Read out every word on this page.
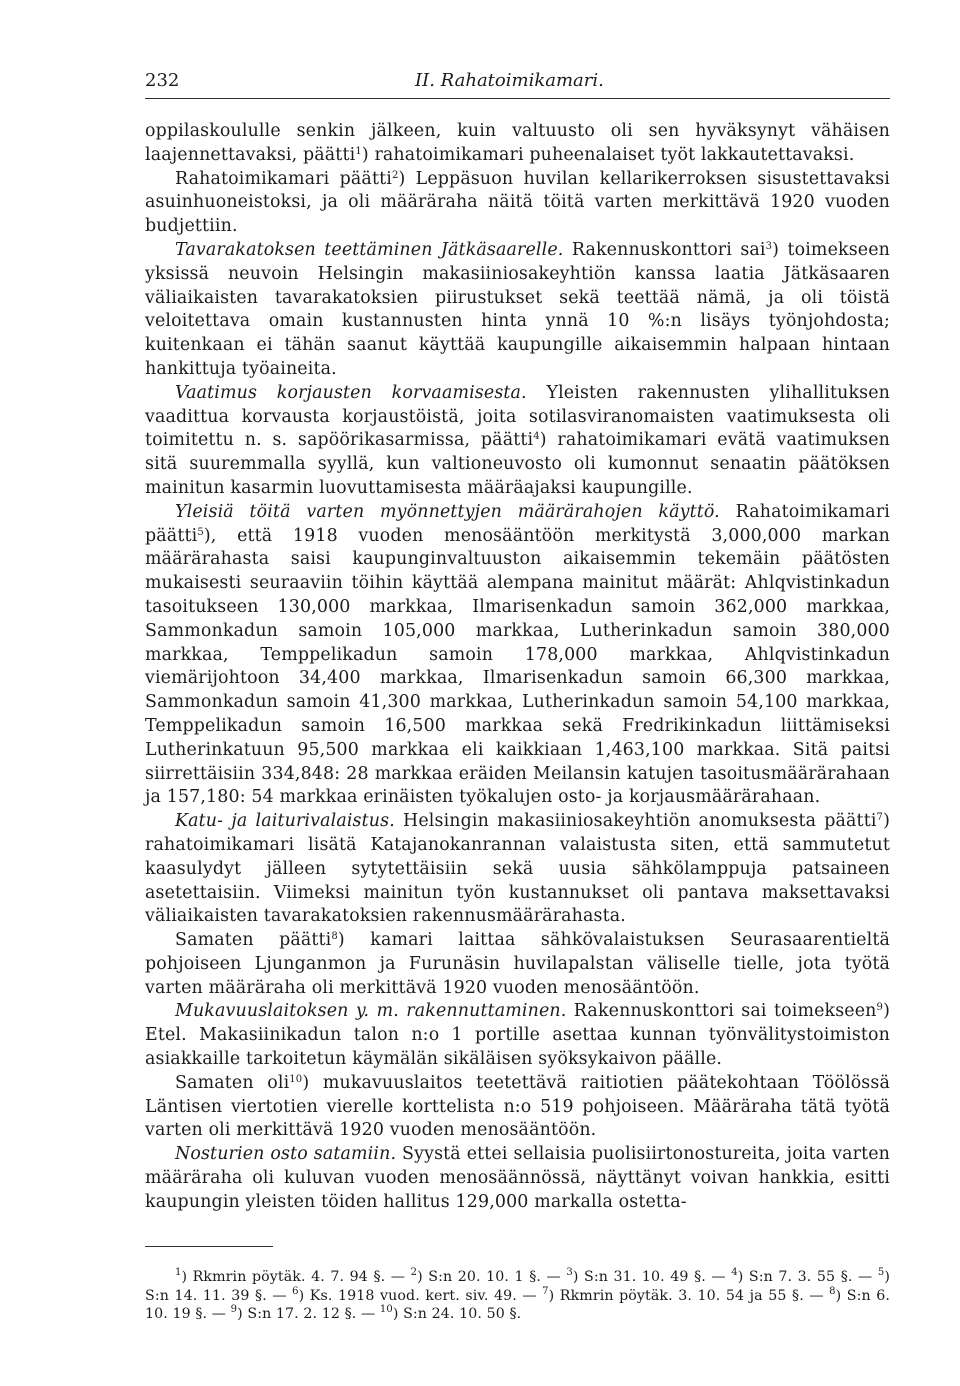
232	II. Rahatoimikamari.

oppilaskoululle senkin jälkeen, kuin valtuusto oli sen hyväksynyt vähäisen laajennettavaksi, päätti$^1$) rahatoimikamari puheenalaiset työt lakkautettavaksi.

Rahatoimikamari päätti$^2$) Leppäsuon huvilan kellarikerroksen sisustettavaksi asuinhuoneistoksi, ja oli määräraha näitä töitä varten merkittävä 1920 vuoden budjettiin.

Tavarakatoksen teettäminen Jätkäsaarelle. Rakennuskonttori sai$^3$) toimekseen yksissä neuvoin Helsingin makasiiniosakeyhtiön kanssa laatia Jätkäsaaren väliaikaisten tavarakatoksien piirustukset sekä teettää nämä, ja oli töistä veloitettava omain kustannusten hinta ynnä 10 %:n lisäys työnjohdosta; kuitenkaan ei tähän saanut käyttää kaupungille aikaisemmin halpaan hintaan hankittuja työaineita.

Vaatimus korjausten korvaamisesta. Yleisten rakennusten ylihallituksen vaadittua korvausta korjaustöistä, joita sotilasviranomaisten vaatimuksesta oli toimitettu n. s. sapöörikasarmissa, päätti$^4$) rahatoimikamari evätä vaatimuksen sitä suuremmalla syyllä, kun valtioneuvosto oli kumonnut senaatin päätöksen mainitun kasarmin luovuttamisesta määräajaksi kaupungille.

Yleisiä töitä varten myönnettyjen määrärahojen käyttö. Rahatoimikamari päätti$^5$), että 1918 vuoden menosääntöön merkitystä 3,000,000 markan määrärahasta saisi kaupunginvaltuuston aikaisemmin tekemäin päätösten mukaisesti seuraaviin töihin käyttää alempana mainitut määrät: Ahlqvistinkadun tasoitukseen 130,000 markkaa, Ilmarisenkadun samoin 362,000 markkaa, Sammonkadun samoin 105,000 markkaa, Lutherinkadun samoin 380,000 markkaa, Temppelikadun samoin 178,000 markkaa, Ahlqvistinkadun viemärijohtoon 34,400 markkaa, Ilmarisenkadun samoin 66,300 markkaa, Sammonkadun samoin 41,300 markkaa, Lutherinkadun samoin 54,100 markkaa, Temppelikadun samoin 16,500 markkaa sekä Fredrikinkadun liittämiseksi Lutherinkatuun 95,500 markkaa eli kaikkiaan 1,463,100 markkaa. Sitä paitsi siirrettäisiin 334,848: 28 markkaa eräiden Meilansin katujen tasoitusmäärärahaan ja 157,180: 54 markkaa erinäisten työkalujen osto- ja korjausmäärärahaan.

Katu- ja laiturivalaistus. Helsingin makasiiniosakeyhtiön anomuksesta päätti$^7$) rahatoimikamari lisätä Katajanokanrannan valaistusta siten, että sammutetut kaasulydyt jälleen sytytettäisiin sekä uusia sähkölamppuja patsaineen asetettaisiin. Viimeksi mainitun työn kustannukset oli pantava maksettavaksi väliaikaisten tavarakatoksien rakennusmäärärahasta.

Samaten päätti$^8$) kamari laittaa sähkövalaistuksen Seurasaarentieltä pohjoiseen Ljunganmon ja Furunäsin huvilapalstan väliselle tielle, jota työtä varten määräraha oli merkittävä 1920 vuoden menosääntöön.

Mukavuuslaitoksen y. m. rakennuttaminen. Rakennuskonttori sai toimekseen$^9$) Etel. Makasiinikadun talon n:o 1 portille asettaa kunnan työnvälitystoimiston asiakkaille tarkoitetun käymälän sikäläisen syöksykaivon päälle.

Samaten oli$^{10}$) mukavuuslaitos teetettävä raitiotien päätekohtaan Töölössä Läntisen viertotien vierelle korttelista n:o 519 pohjoiseen. Määräraha tätä työtä varten oli merkittävä 1920 vuoden menosääntöön.

Nosturien osto satamiin. Syystä ettei sellaisia puolisiirtonostureita, joita varten määräraha oli kuluvan vuoden menosäännössä, näyttänyt voivan hankkia, esitti kaupungin yleisten töiden hallitus 129,000 markalla ostetta-

$^1$) Rkmrin pöytäk. 4. 7. 94 §. — $^2$) S:n 20. 10. 1 §. — $^3$) S:n 31. 10. 49 §. — $^4$) S:n 7. 3. 55 §. — $^5$) S:n 14. 11. 39 §. — $^6$) Ks. 1918 vuod. kert. siv. 49. — $^7$) Rkmrin pöytäk. 3. 10. 54 ja 55 §. — $^8$) S:n 6. 10. 19 §. — $^9$) S:n 17. 2. 12 §. — $^{10}$) S:n 24. 10. 50 §.
